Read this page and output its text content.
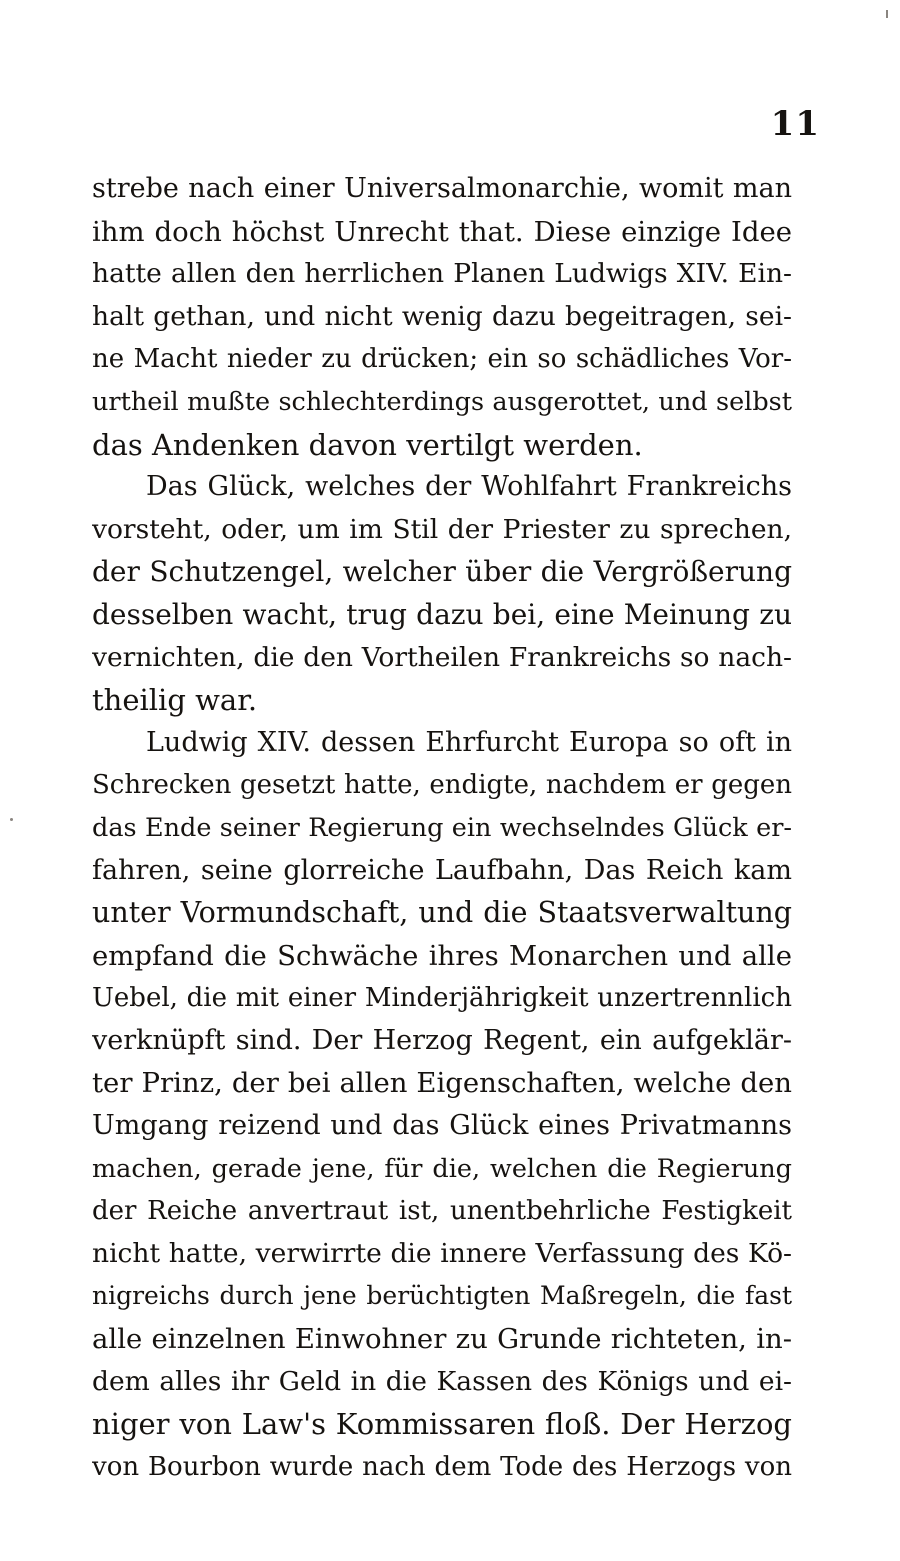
11
strebe nach einer Universalmonarchie, womit man
ihm doch höchst Unrecht that. Diese einzige Idee
hatte allen den herrlichen Planen Ludwigs XIV. Ein-
halt gethan, und nicht wenig dazu begeitragen, sei-
ne Macht nieder zu drücken; ein so schädliches Vor-
urtheil mußte schlechterdings ausgerottet, und selbst
das Andenken davon vertilgt werden.
Das Glück, welches der Wohlfahrt Frankreichs
vorsteht, oder, um im Stil der Priester zu sprechen,
der Schutzengel, welcher über die Vergrößerung
desselben wacht, trug dazu bei, eine Meinung zu
vernichten, die den Vortheilen Frankreichs so nach-
theilig war.
Ludwig XIV. dessen Ehrfurcht Europa so oft in
Schrecken gesetzt hatte, endigte, nachdem er gegen
das Ende seiner Regierung ein wechselndes Glück er-
fahren, seine glorreiche Laufbahn, Das Reich kam
unter Vormundschaft, und die Staatsverwaltung
empfand die Schwäche ihres Monarchen und alle
Uebel, die mit einer Minderjährigkeit unzertrennlich
verknüpft sind. Der Herzog Regent, ein aufgeklär-
ter Prinz, der bei allen Eigenschaften, welche den
Umgang reizend und das Glück eines Privatmanns
machen, gerade jene, für die, welchen die Regierung
der Reiche anvertraut ist, unentbehrliche Festigkeit
nicht hatte, verwirrte die innere Verfassung des Kö-
nigreichs durch jene berüchtigten Maßregeln, die fast
alle einzelnen Einwohner zu Grunde richteten, in-
dem alles ihr Geld in die Kassen des Königs und ei-
niger von Law's Kommissaren floß. Der Herzog
von Bourbon wurde nach dem Tode des Herzogs von
